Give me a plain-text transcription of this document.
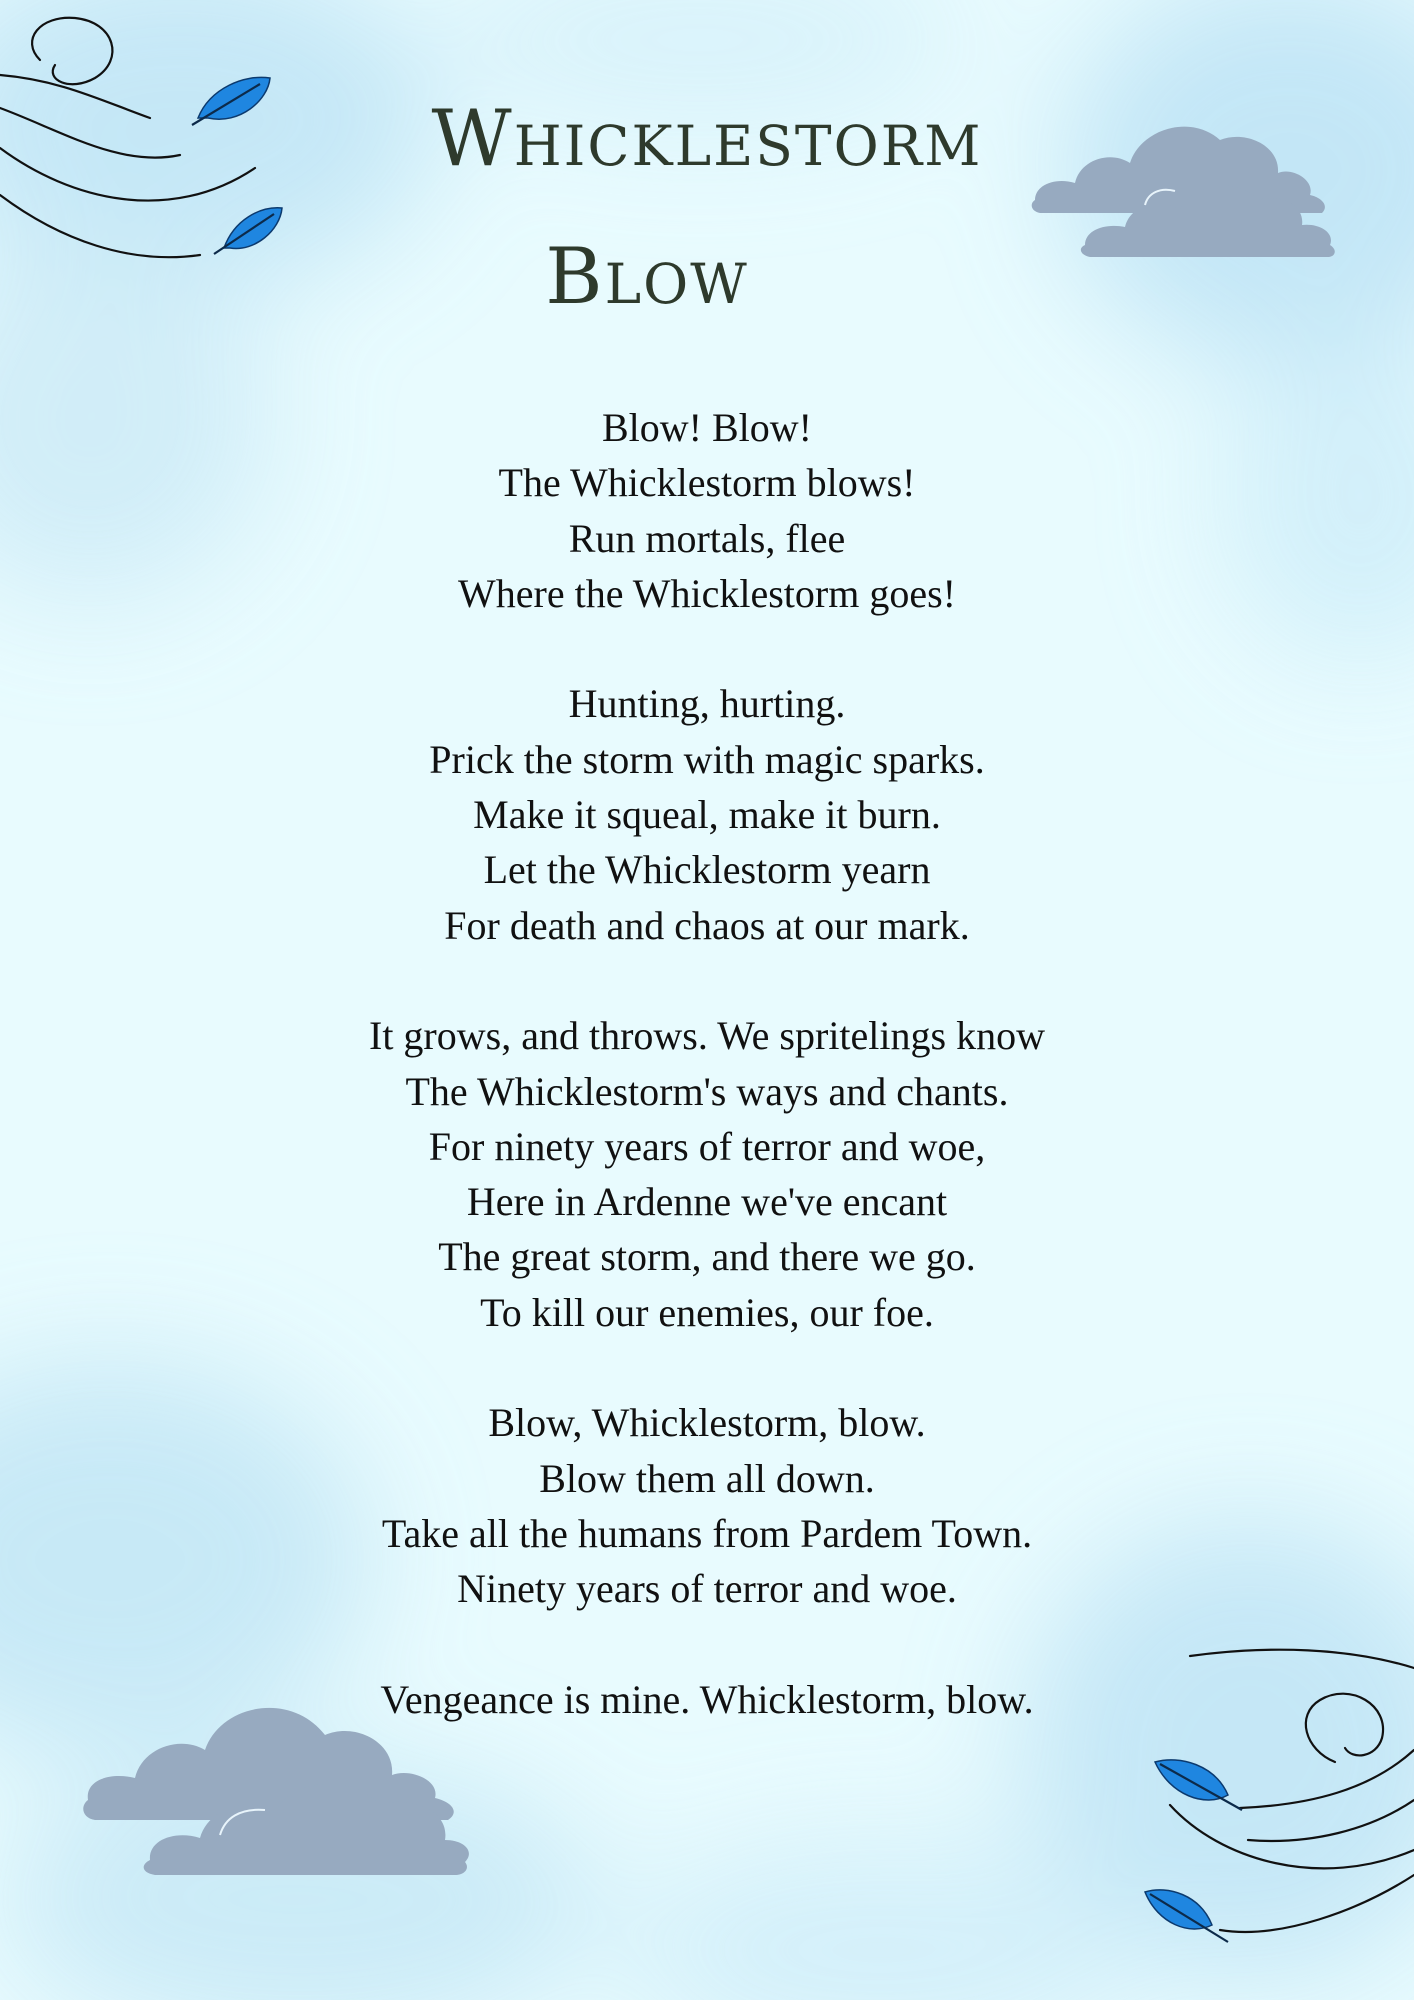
Whicklestorm
Blow
Blow! Blow!
The Whicklestorm blows!
Run mortals, flee
Where the Whicklestorm goes!
Hunting, hurting.
Prick the storm with magic sparks.
Make it squeal, make it burn.
Let the Whicklestorm yearn
For death and chaos at our mark.
It grows, and throws. We spritelings know
The Whicklestorm's ways and chants.
For ninety years of terror and woe,
Here in Ardenne we've encant
The great storm, and there we go.
To kill our enemies, our foe.
Blow, Whicklestorm, blow.
Blow them all down.
Take all the humans from Pardem Town.
Ninety years of terror and woe.
Vengeance is mine. Whicklestorm, blow.
